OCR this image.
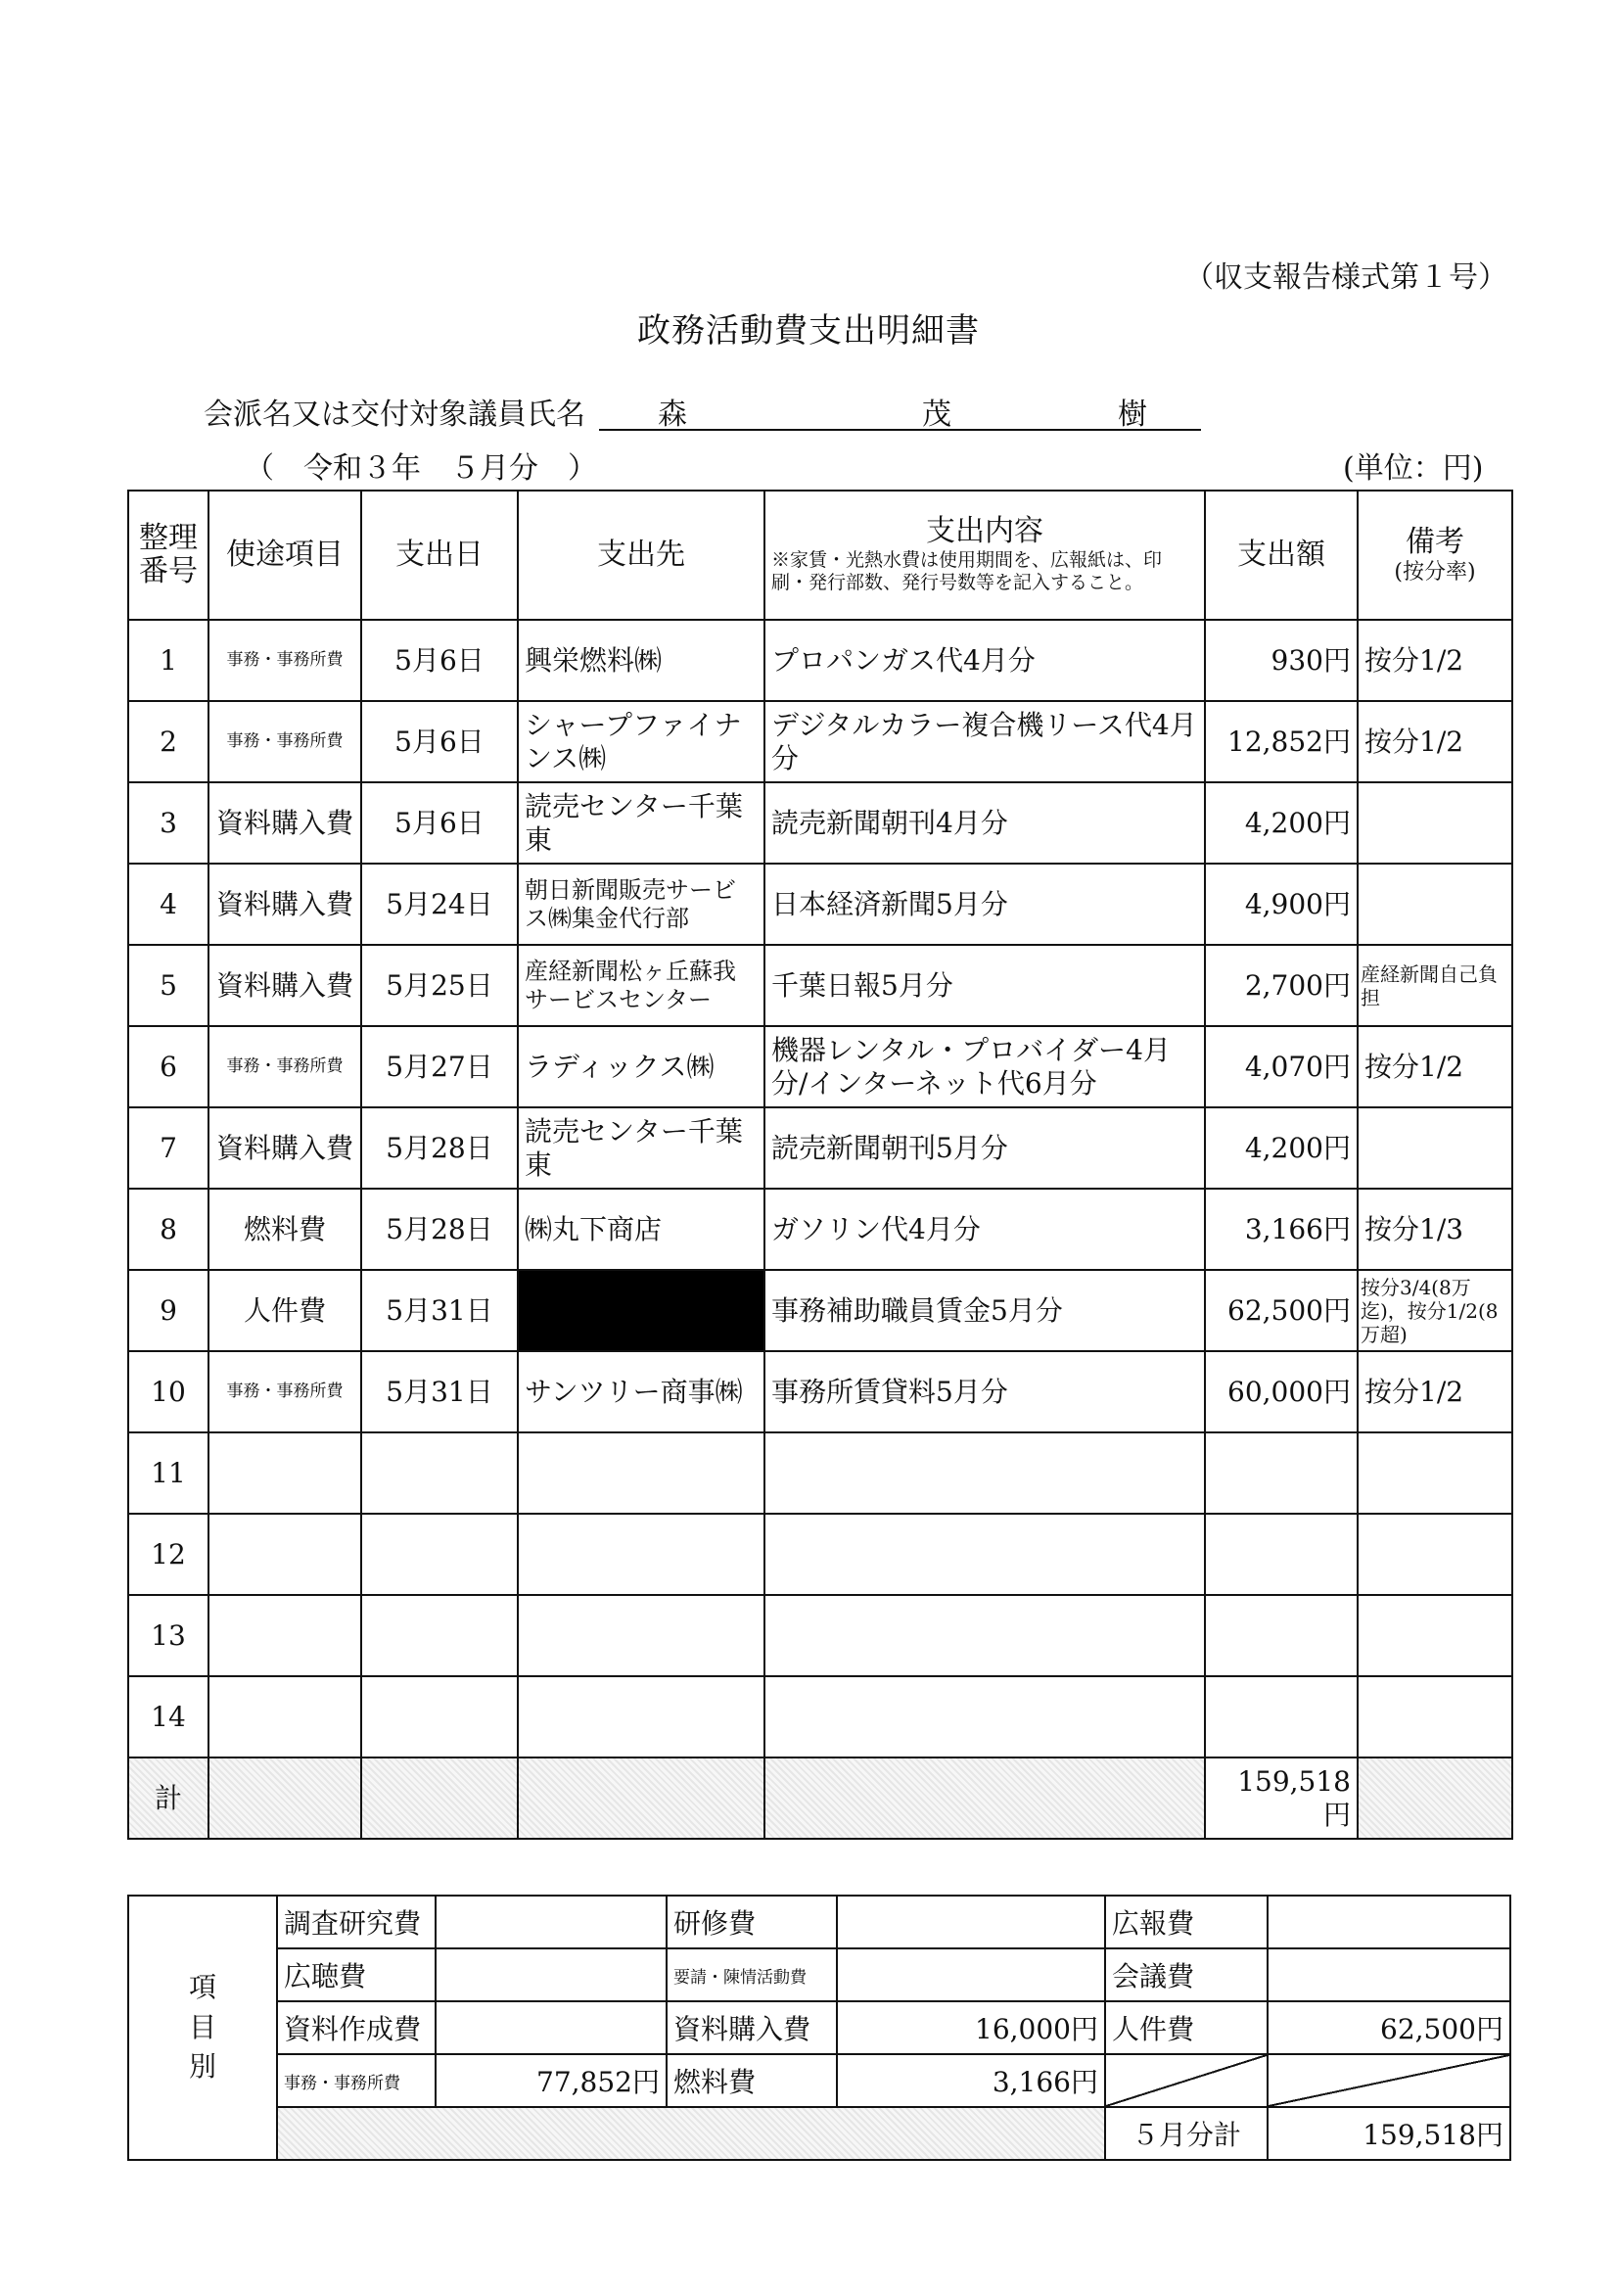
（収支報告様式第１号）
政務活動費支出明細書
会派名又は交付対象議員氏名 森	茂	樹
（　令和３年　５月分　）	(単位：円)
整理番号	使途項目	支出日	支出先	支出内容
※家賃・光熱水費は使用期間を、広報紙は、印刷・発行部数、発行号数等を記入すること。	支出額	備考
(按分率)

1	事務・事務所費	5月6日	興栄燃料㈱	プロパンガス代4月分	930円	按分1/2
2	事務・事務所費	5月6日	シャープファイナンス㈱	デジタルカラー複合機リース代4月分	12,852円	按分1/2
3	資料購入費	5月6日	読売センター千葉東	読売新聞朝刊4月分	4,200円	
4	資料購入費	5月24日	朝日新聞販売サービス㈱集金代行部	日本経済新聞5月分	4,900円	
5	資料購入費	5月25日	産経新聞松ヶ丘蘇我サービスセンター	千葉日報5月分	2,700円	産経新聞自己負担
6	事務・事務所費	5月27日	ラディックス㈱	機器レンタル・プロバイダー4月分/インターネット代6月分	4,070円	按分1/2
7	資料購入費	5月28日	読売センター千葉東	読売新聞朝刊5月分	4,200円	
8	燃料費	5月28日	㈱丸下商店	ガソリン代4月分	3,166円	按分1/3
9	人件費	5月31日		事務補助職員賃金5月分	62,500円	按分3/4(8万迄)，按分1/2(8万超)
10	事務・事務所費	5月31日	サンツリー商事㈱	事務所賃貸料5月分	60,000円	按分1/2
11						
12						
13						
14						
計					159,518円	
項
目
別	調査研究費		研修費		広報費	
	広聴費		要請・陳情活動費		会議費	
	資料作成費		資料購入費	16,000円	人件費	62,500円
	事務・事務所費	77,852円	燃料費	3,166円		
					５月分計	159,518円
